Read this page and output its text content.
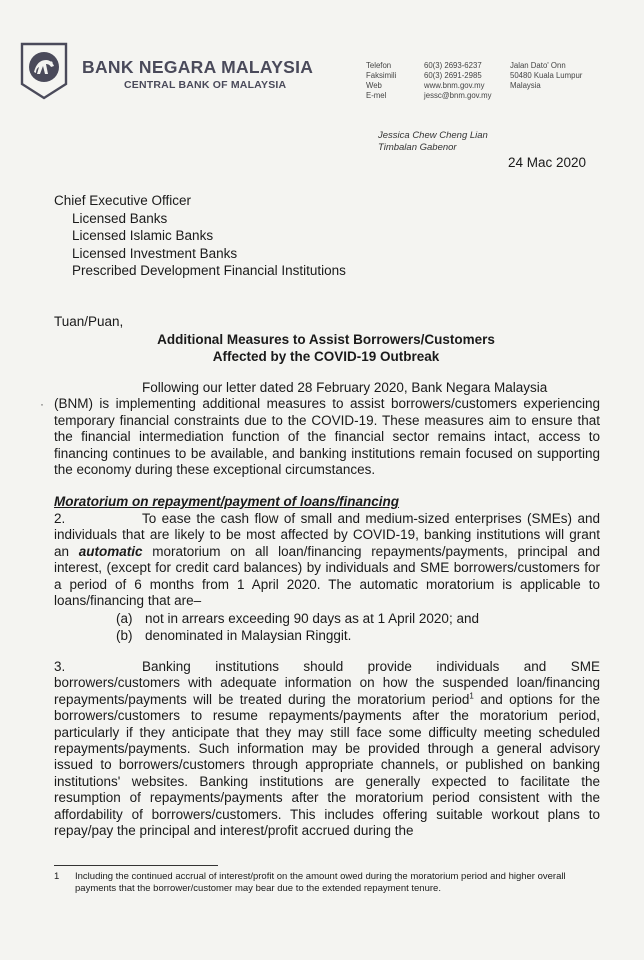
BANK NEGARA MALAYSIA
CENTRAL BANK OF MALAYSIA
Telefon
Faksimili
Web
E-mel
60(3) 2693-6237
60(3) 2691-2985
www.bnm.gov.my
jessc@bnm.gov.my
Jalan Dato' Onn
50480 Kuala Lumpur
Malaysia
Jessica Chew Cheng Lian
Timbalan Gabenor
24 Mac 2020
Chief Executive Officer
Licensed Banks
Licensed Islamic Banks
Licensed Investment Banks
Prescribed Development Financial Institutions
Tuan/Puan,
Additional Measures to Assist Borrowers/Customers
Affected by the COVID-19 Outbreak
·
Following our letter dated 28 February 2020, Bank Negara Malaysia
(BNM) is implementing additional measures to assist borrowers/customers experiencing temporary financial constraints due to the COVID-19. These measures aim to ensure that the financial intermediation function of the financial sector remains intact, access to financing continues to be available, and banking institutions remain focused on supporting the economy during these exceptional circumstances.
Moratorium on repayment/payment of loans/financing
2.	To ease the cash flow of small and medium-sized enterprises (SMEs) and individuals that are likely to be most affected by COVID-19, banking institutions will grant an automatic moratorium on all loan/financing repayments/payments, principal and interest, (except for credit card balances) by individuals and SME borrowers/customers for a period of 6 months from 1 April 2020. The automatic moratorium is applicable to loans/financing that are–
(a) not in arrears exceeding 90 days as at 1 April 2020; and
(b) denominated in Malaysian Ringgit.
3.	Banking institutions should provide individuals and SME borrowers/customers with adequate information on how the suspended loan/financing repayments/payments will be treated during the moratorium period$^1$ and options for the borrowers/customers to resume repayments/payments after the moratorium period, particularly if they anticipate that they may still face some difficulty meeting scheduled repayments/payments. Such information may be provided through a general advisory issued to borrowers/customers through appropriate channels, or published on banking institutions' websites. Banking institutions are generally expected to facilitate the resumption of repayments/payments after the moratorium period consistent with the affordability of borrowers/customers. This includes offering suitable workout plans to repay/pay the principal and interest/profit accrued during the
1 Including the continued accrual of interest/profit on the amount owed during the moratorium period and higher overall payments that the borrower/customer may bear due to the extended repayment tenure.
